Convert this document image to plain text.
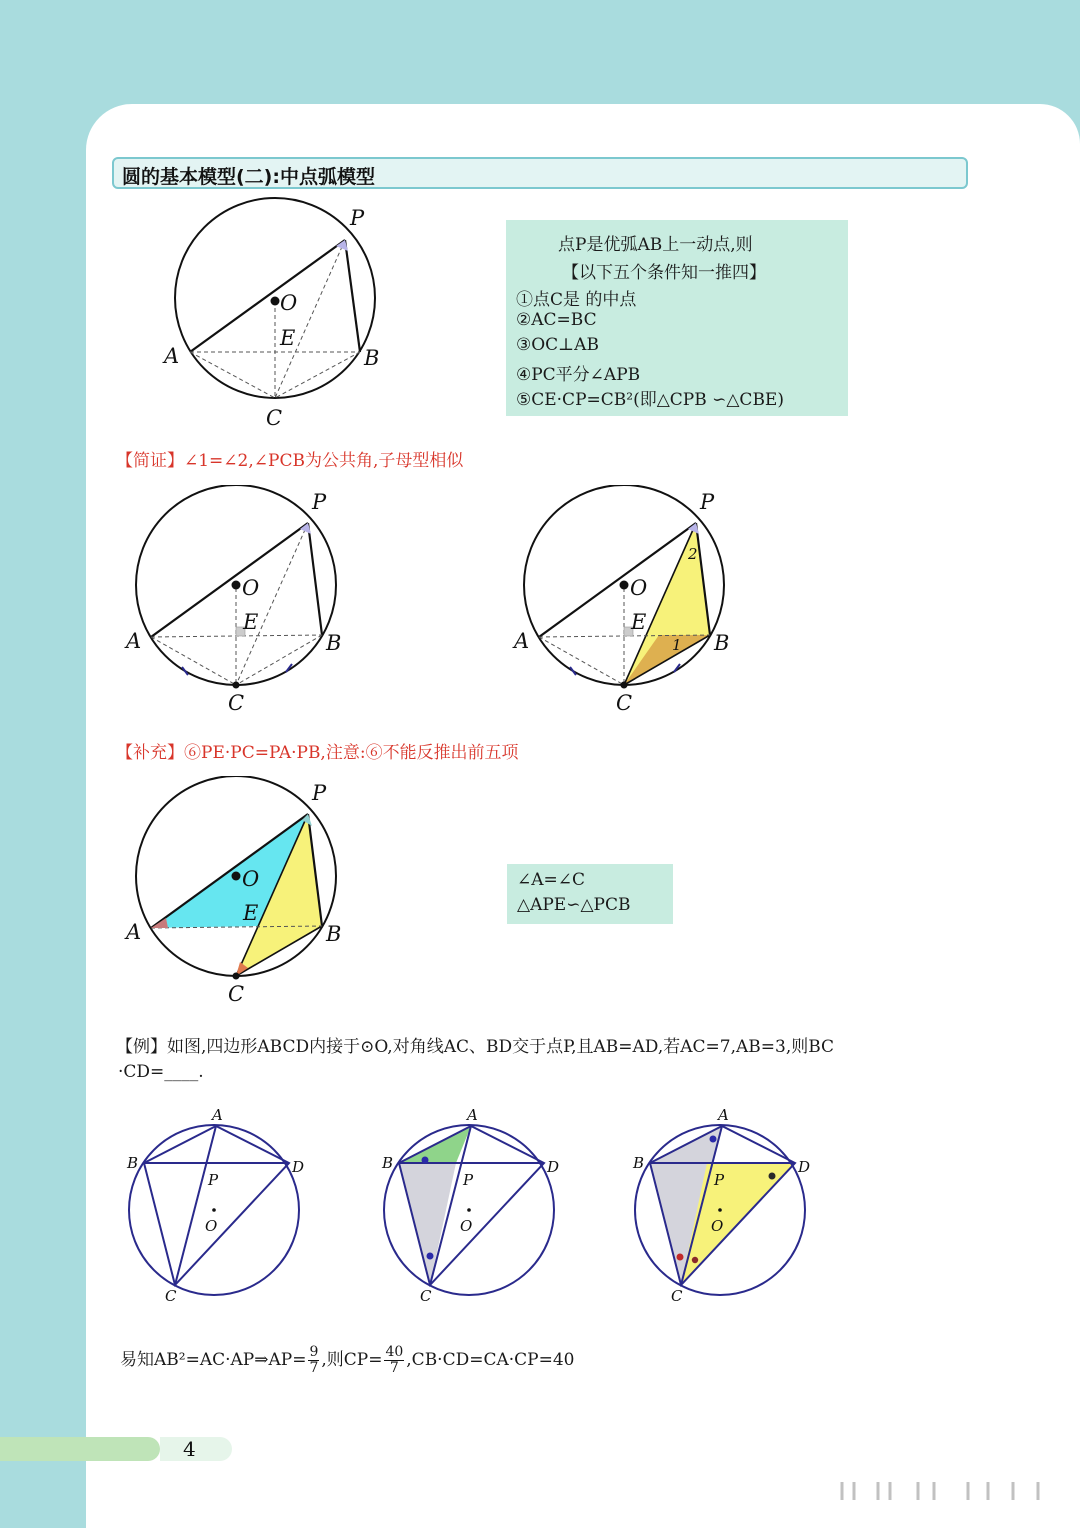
圆的基本模型(二):中点弧模型
P
O
E
A	B
C
点P是优弧AB上一动点,则
【以下五个条件知一推四】
①点C是 的中点
②AC=BC
③OC⊥AB
④PC平分∠APB
⑤CE·CP=CB²(即△CPB ∽△CBE)
【简证】∠1=∠2,∠PCB为公共角,子母型相似
P
O
E
A	B
C
2
1
P
O
E
A	B
C
【补充】⑥PE·PC=PA·PB,注意:⑥不能反推出前五项
P
O
E
A	B
C
∠A=∠C
△APE∽△PCB
【例】如图,四边形ABCD内接于⊙O,对角线AC、BD交于点P,且AB=AD,若AC=7,AB=3,则BC
·CD=____.
A
B	D
P
O
C
A
B	D
P
O
C
A
B	D
P
O
C
易知AB²=AC·AP⇒AP= $\frac{9}{7}$ ,则$CP= \frac{40}{7} ,CB\cdot CD=CA\cdot CP=40$
4
